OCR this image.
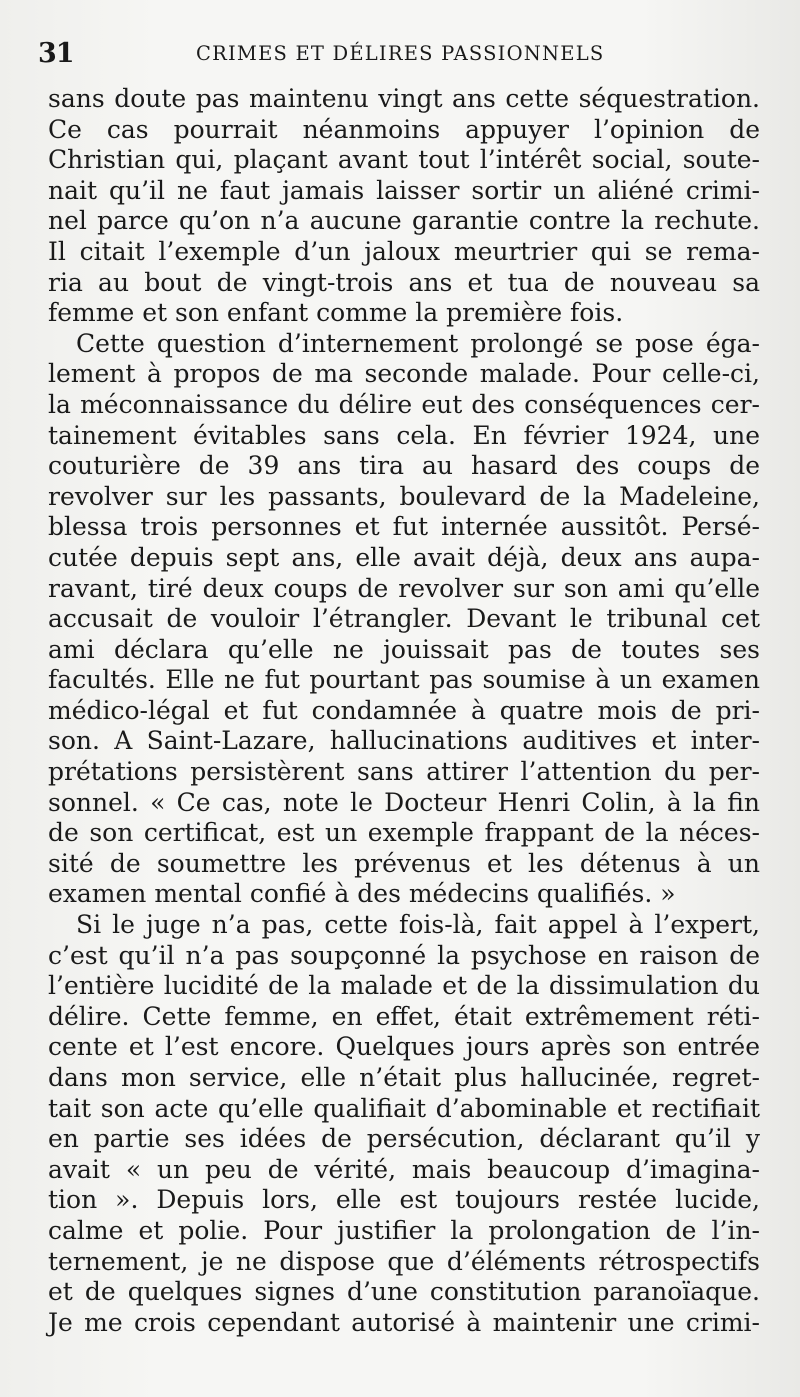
31	CRIMES ET DÉLIRES PASSIONNELS
sans doute pas maintenu vingt ans cette séquestration.
Ce cas pourrait néanmoins appuyer l’opinion de
Christian qui, plaçant avant tout l’intérêt social, soute-
nait qu’il ne faut jamais laisser sortir un aliéné crimi-
nel parce qu’on n’a aucune garantie contre la rechute.
Il citait l’exemple d’un jaloux meurtrier qui se rema-
ria au bout de vingt-trois ans et tua de nouveau sa
femme et son enfant comme la première fois.
Cette question d’internement prolongé se pose éga-
lement à propos de ma seconde malade. Pour celle-ci,
la méconnaissance du délire eut des conséquences cer-
tainement évitables sans cela. En février 1924, une
couturière de 39 ans tira au hasard des coups de
revolver sur les passants, boulevard de la Madeleine,
blessa trois personnes et fut internée aussitôt. Persé-
cutée depuis sept ans, elle avait déjà, deux ans aupa-
ravant, tiré deux coups de revolver sur son ami qu’elle
accusait de vouloir l’étrangler. Devant le tribunal cet
ami déclara qu’elle ne jouissait pas de toutes ses
facultés. Elle ne fut pourtant pas soumise à un examen
médico-légal et fut condamnée à quatre mois de pri-
son. A Saint-Lazare, hallucinations auditives et inter-
prétations persistèrent sans attirer l’attention du per-
sonnel. « Ce cas, note le Docteur Henri Colin, à la fin
de son certificat, est un exemple frappant de la néces-
sité de soumettre les prévenus et les détenus à un
examen mental confié à des médecins qualifiés. »
Si le juge n’a pas, cette fois-là, fait appel à l’expert,
c’est qu’il n’a pas soupçonné la psychose en raison de
l’entière lucidité de la malade et de la dissimulation du
délire. Cette femme, en effet, était extrêmement réti-
cente et l’est encore. Quelques jours après son entrée
dans mon service, elle n’était plus hallucinée, regret-
tait son acte qu’elle qualifiait d’abominable et rectifiait
en partie ses idées de persécution, déclarant qu’il y
avait « un peu de vérité, mais beaucoup d’imagina-
tion ». Depuis lors, elle est toujours restée lucide,
calme et polie. Pour justifier la prolongation de l’in-
ternement, je ne dispose que d’éléments rétrospectifs
et de quelques signes d’une constitution paranoïaque.
Je me crois cependant autorisé à maintenir une crimi-
